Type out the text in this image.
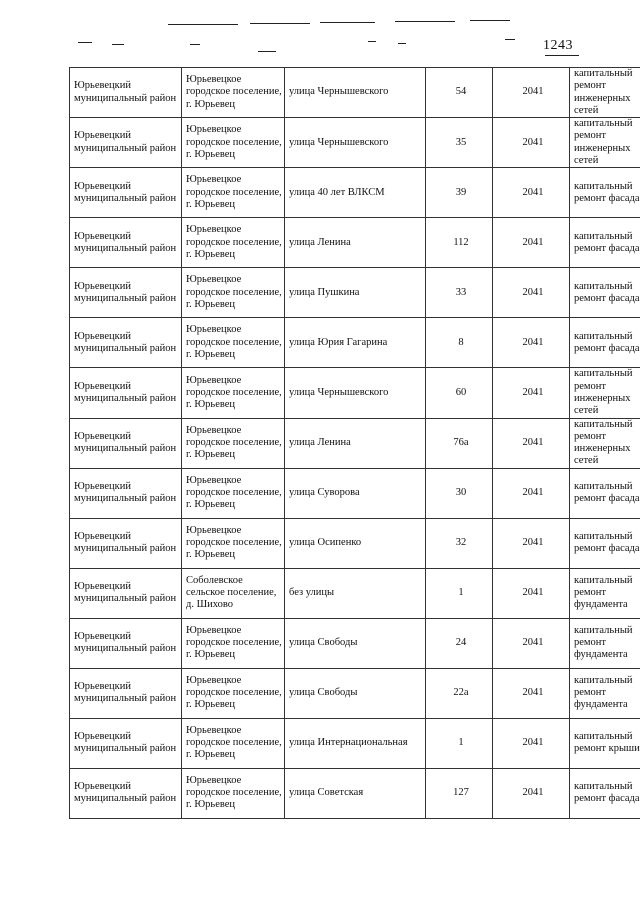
1243
Юрьевецкий муниципальный район	Юрьевецкое городское поселение, г. Юрьевец	улица Чернышевского	54	2041	капитальный ремонт инженерных сетей
Юрьевецкий муниципальный район	Юрьевецкое городское поселение, г. Юрьевец	улица Чернышевского	35	2041	капитальный ремонт инженерных сетей
Юрьевецкий муниципальный район	Юрьевецкое городское поселение, г. Юрьевец	улица 40 лет ВЛКСМ	39	2041	капитальный ремонт фасада
Юрьевецкий муниципальный район	Юрьевецкое городское поселение, г. Юрьевец	улица Ленина	112	2041	капитальный ремонт фасада
Юрьевецкий муниципальный район	Юрьевецкое городское поселение, г. Юрьевец	улица Пушкина	33	2041	капитальный ремонт фасада
Юрьевецкий муниципальный район	Юрьевецкое городское поселение, г. Юрьевец	улица Юрия Гагарина	8	2041	капитальный ремонт фасада
Юрьевецкий муниципальный район	Юрьевецкое городское поселение, г. Юрьевец	улица Чернышевского	60	2041	капитальный ремонт инженерных сетей
Юрьевецкий муниципальный район	Юрьевецкое городское поселение, г. Юрьевец	улица Ленина	76а	2041	капитальный ремонт инженерных сетей
Юрьевецкий муниципальный район	Юрьевецкое городское поселение, г. Юрьевец	улица Суворова	30	2041	капитальный ремонт фасада
Юрьевецкий муниципальный район	Юрьевецкое городское поселение, г. Юрьевец	улица Осипенко	32	2041	капитальный ремонт фасада
Юрьевецкий муниципальный район	Соболевское сельское поселение, д. Шихово	без улицы	1	2041	капитальный ремонт фундамента
Юрьевецкий муниципальный район	Юрьевецкое городское поселение, г. Юрьевец	улица Свободы	24	2041	капитальный ремонт фундамента
Юрьевецкий муниципальный район	Юрьевецкое городское поселение, г. Юрьевец	улица Свободы	22а	2041	капитальный ремонт фундамента
Юрьевецкий муниципальный район	Юрьевецкое городское поселение, г. Юрьевец	улица Интернациональная	1	2041	капитальный ремонт крыши
Юрьевецкий муниципальный район	Юрьевецкое городское поселение, г. Юрьевец	улица Советская	127	2041	капитальный ремонт фасада
